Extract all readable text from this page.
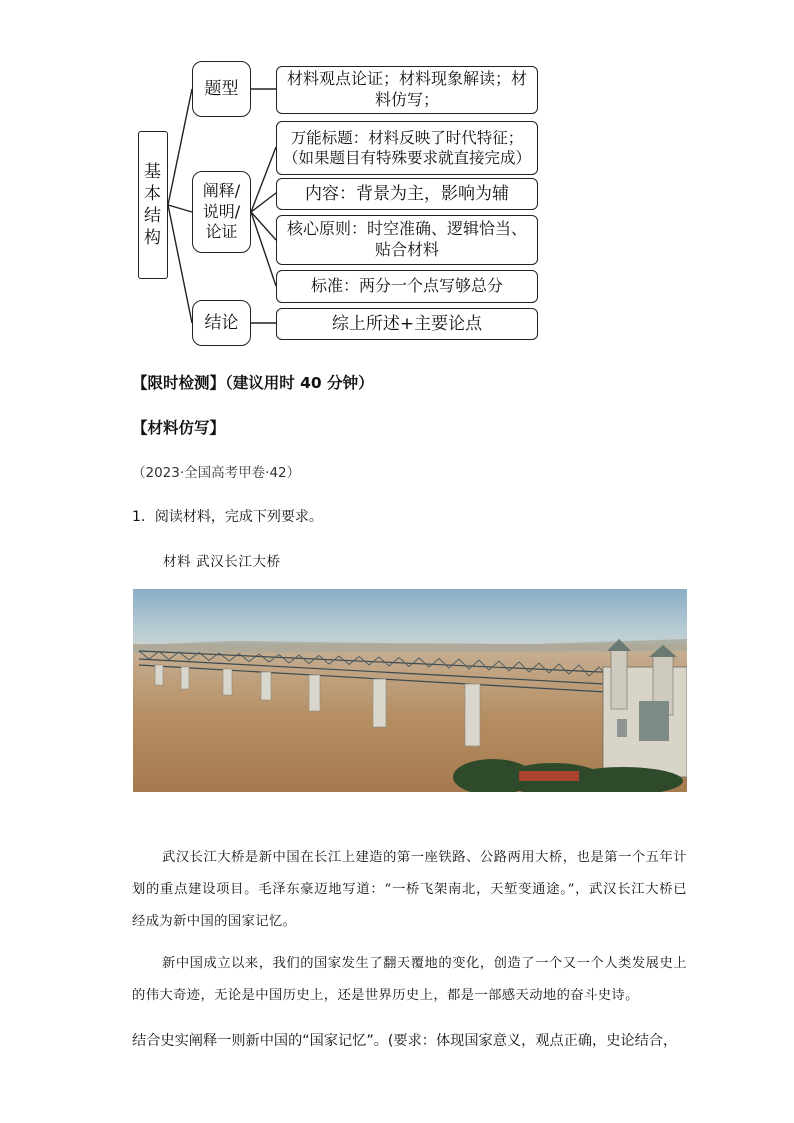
基本结构
题型
阐释/说明/论证
结论
材料观点论证；材料现象解读；材料仿写；
万能标题：材料反映了时代特征；（如果题目有特殊要求就直接完成）
内容：背景为主，影响为辅
核心原则：时空准确、逻辑恰当、贴合材料
标准：两分一个点写够总分
综上所述+主要论点
【限时检测】（建议用时 40 分钟）
【材料仿写】
（2023·全国高考甲卷·42）
1．阅读材料，完成下列要求。
材料 武汉长江大桥
武汉长江大桥是新中国在长江上建造的第一座铁路、公路两用大桥，也是第一个五年计划的重点建设项目。毛泽东豪迈地写道：“一桥飞架南北，天堑变通途。”，武汉长江大桥已经成为新中国的国家记忆。
新中国成立以来，我们的国家发生了翻天覆地的变化，创造了一个又一个人类发展史上的伟大奇迹，无论是中国历史上，还是世界历史上，都是一部感天动地的奋斗史诗。
结合史实阐释一则新中国的“国家记忆”。(要求：体现国家意义，观点正确，史论结合，
